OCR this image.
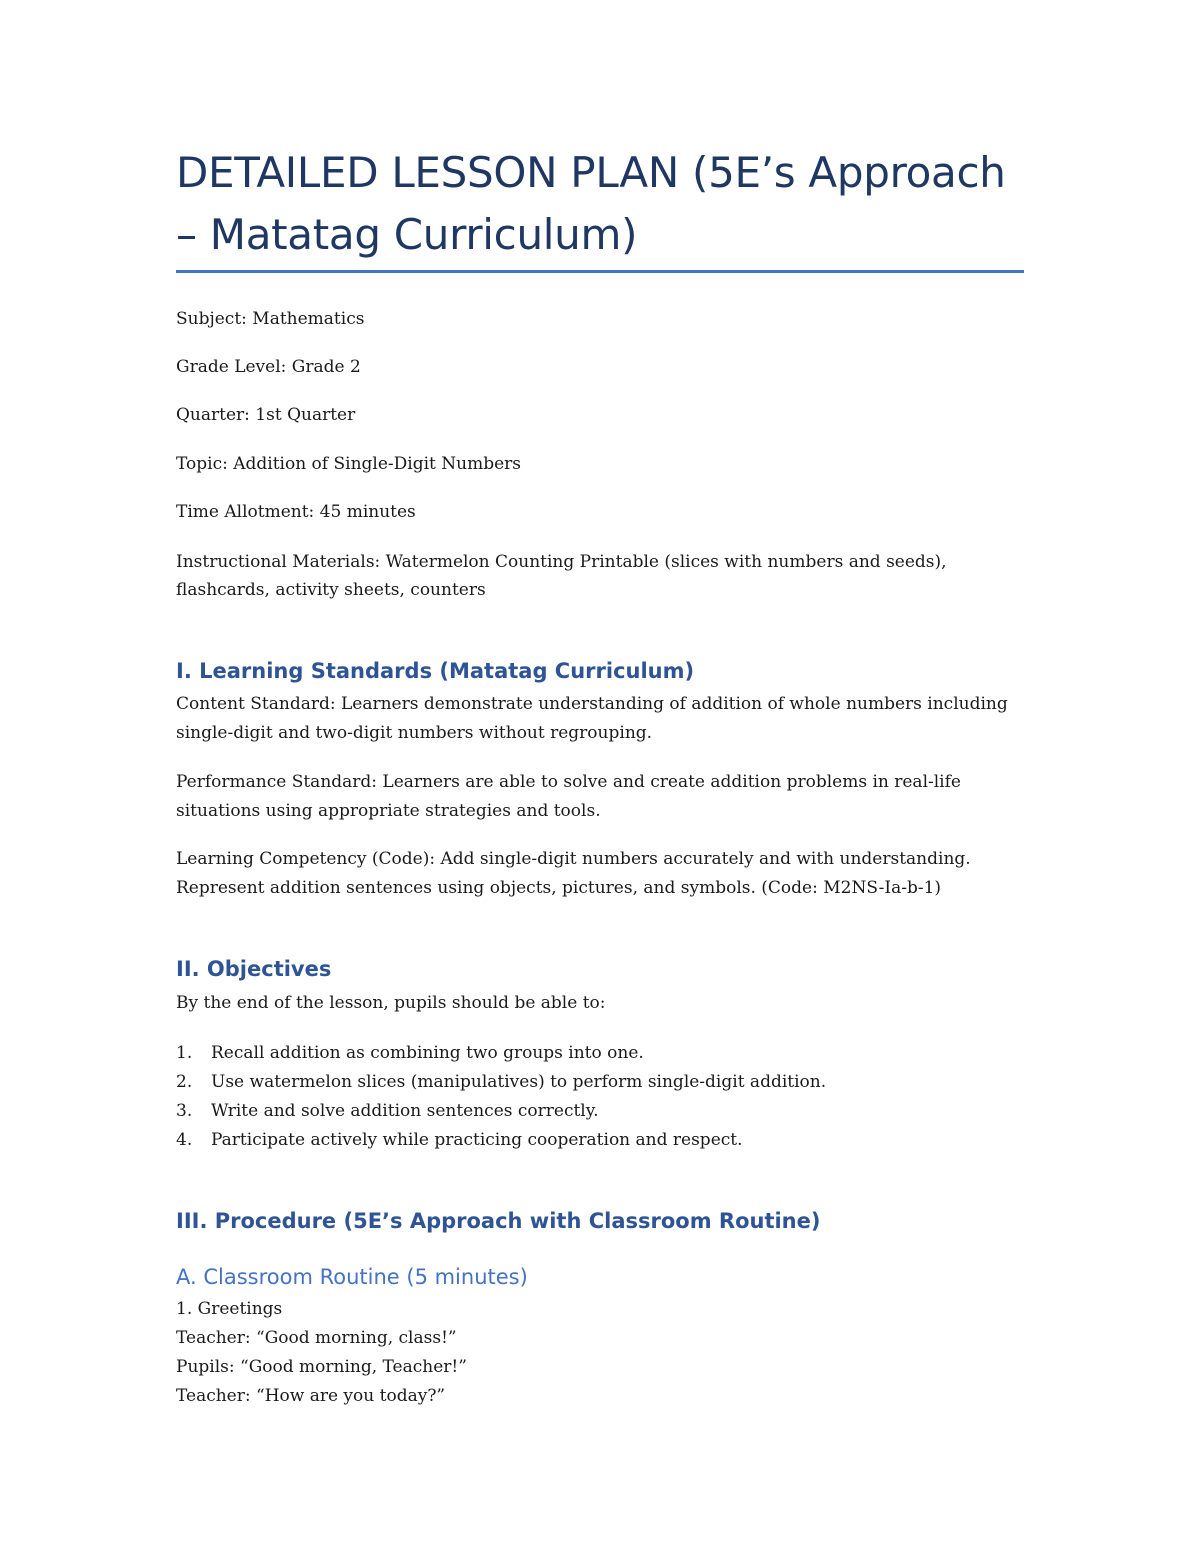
DETAILED LESSON PLAN (5E’s Approach – Matatag Curriculum)

Subject: Mathematics

Grade Level: Grade 2

Quarter: 1st Quarter

Topic: Addition of Single-Digit Numbers

Time Allotment: 45 minutes

Instructional Materials: Watermelon Counting Printable (slices with numbers and seeds), flashcards, activity sheets, counters

I. Learning Standards (Matatag Curriculum)

Content Standard: Learners demonstrate understanding of addition of whole numbers including single-digit and two-digit numbers without regrouping.

Performance Standard: Learners are able to solve and create addition problems in real-life situations using appropriate strategies and tools.

Learning Competency (Code): Add single-digit numbers accurately and with understanding. Represent addition sentences using objects, pictures, and symbols. (Code: M2NS-Ia-b-1)

II. Objectives

By the end of the lesson, pupils should be able to:

1. Recall addition as combining two groups into one.
2. Use watermelon slices (manipulatives) to perform single-digit addition.
3. Write and solve addition sentences correctly.
4. Participate actively while practicing cooperation and respect.
III. Procedure (5E’s Approach with Classroom Routine)
A. Classroom Routine (5 minutes)
1. Greetings
Teacher: “Good morning, class!”
Pupils: “Good morning, Teacher!”
Teacher: “How are you today?”
